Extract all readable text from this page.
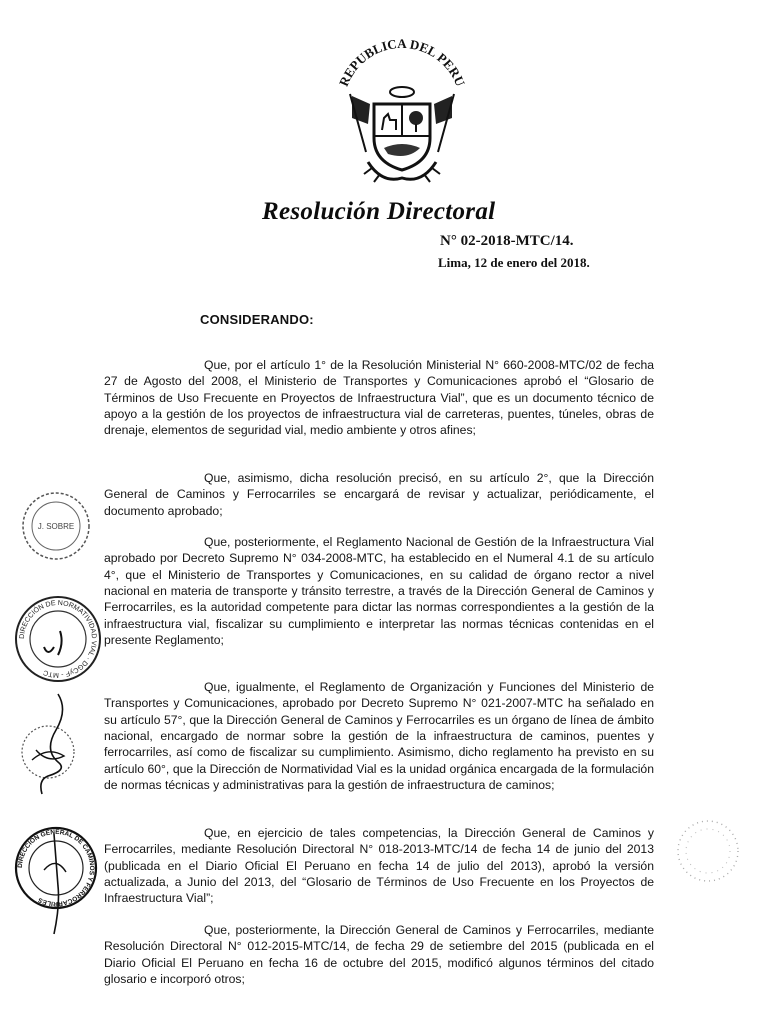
REPUBLICA DEL PERU
Resolución Directoral
N° 02-2018-MTC/14.
Lima, 12 de enero del 2018.
CONSIDERANDO:

Que, por el artículo 1° de la Resolución Ministerial N° 660-2008-MTC/02 de fecha 27 de Agosto del 2008, el Ministerio de Transportes y Comunicaciones aprobó el “Glosario de Términos de Uso Frecuente en Proyectos de Infraestructura Vial”, que es un documento técnico de apoyo a la gestión de los proyectos de infraestructura vial de carreteras, puentes, túneles, obras de drenaje, elementos de seguridad vial, medio ambiente y otros afines;

Que, asimismo, dicha resolución precisó, en su artículo 2°, que la Dirección General de Caminos y Ferrocarriles se encargará de revisar y actualizar, periódicamente, el documento aprobado;

Que, posteriormente, el Reglamento Nacional de Gestión de la Infraestructura Vial aprobado por Decreto Supremo N° 034-2008-MTC, ha establecido en el Numeral 4.1 de su artículo 4°, que el Ministerio de Transportes y Comunicaciones, en su calidad de órgano rector a nivel nacional en materia de transporte y tránsito terrestre, a través de la Dirección General de Caminos y Ferrocarriles, es la autoridad competente para dictar las normas correspondientes a la gestión de la infraestructura vial, fiscalizar su cumplimiento e interpretar las normas técnicas contenidas en el presente Reglamento;

Que, igualmente, el Reglamento de Organización y Funciones del Ministerio de Transportes y Comunicaciones, aprobado por Decreto Supremo N° 021-2007-MTC ha señalado en su artículo 57°, que la Dirección General de Caminos y Ferrocarriles es un órgano de línea de ámbito nacional, encargado de normar sobre la gestión de la infraestructura de caminos, puentes y ferrocarriles, así como de fiscalizar su cumplimiento. Asimismo, dicho reglamento ha previsto en su artículo 60°, que la Dirección de Normatividad Vial es la unidad orgánica encargada de la formulación de normas técnicas y administrativas para la gestión de infraestructura de caminos;

Que, en ejercicio de tales competencias, la Dirección General de Caminos y Ferrocarriles, mediante Resolución Directoral N° 018-2013-MTC/14 de fecha 14 de junio del 2013 (publicada en el Diario Oficial El Peruano en fecha 14 de julio del 2013), aprobó la versión actualizada, a Junio del 2013, del “Glosario de Términos de Uso Frecuente en los Proyectos de Infraestructura Vial”;

Que, posteriormente, la Dirección General de Caminos y Ferrocarriles, mediante Resolución Directoral N° 012-2015-MTC/14, de fecha 29 de setiembre del 2015 (publicada en el Diario Oficial El Peruano en fecha 16 de octubre del 2015, modificó algunos términos del citado glosario e incorporó otros;

J. SOBRE
DIRECCIÓN DE NORMATIVIDAD VIAL · DGCyF - MTC
DIRECCIÓN GENERAL DE CAMINOS Y FERROCARRILES
